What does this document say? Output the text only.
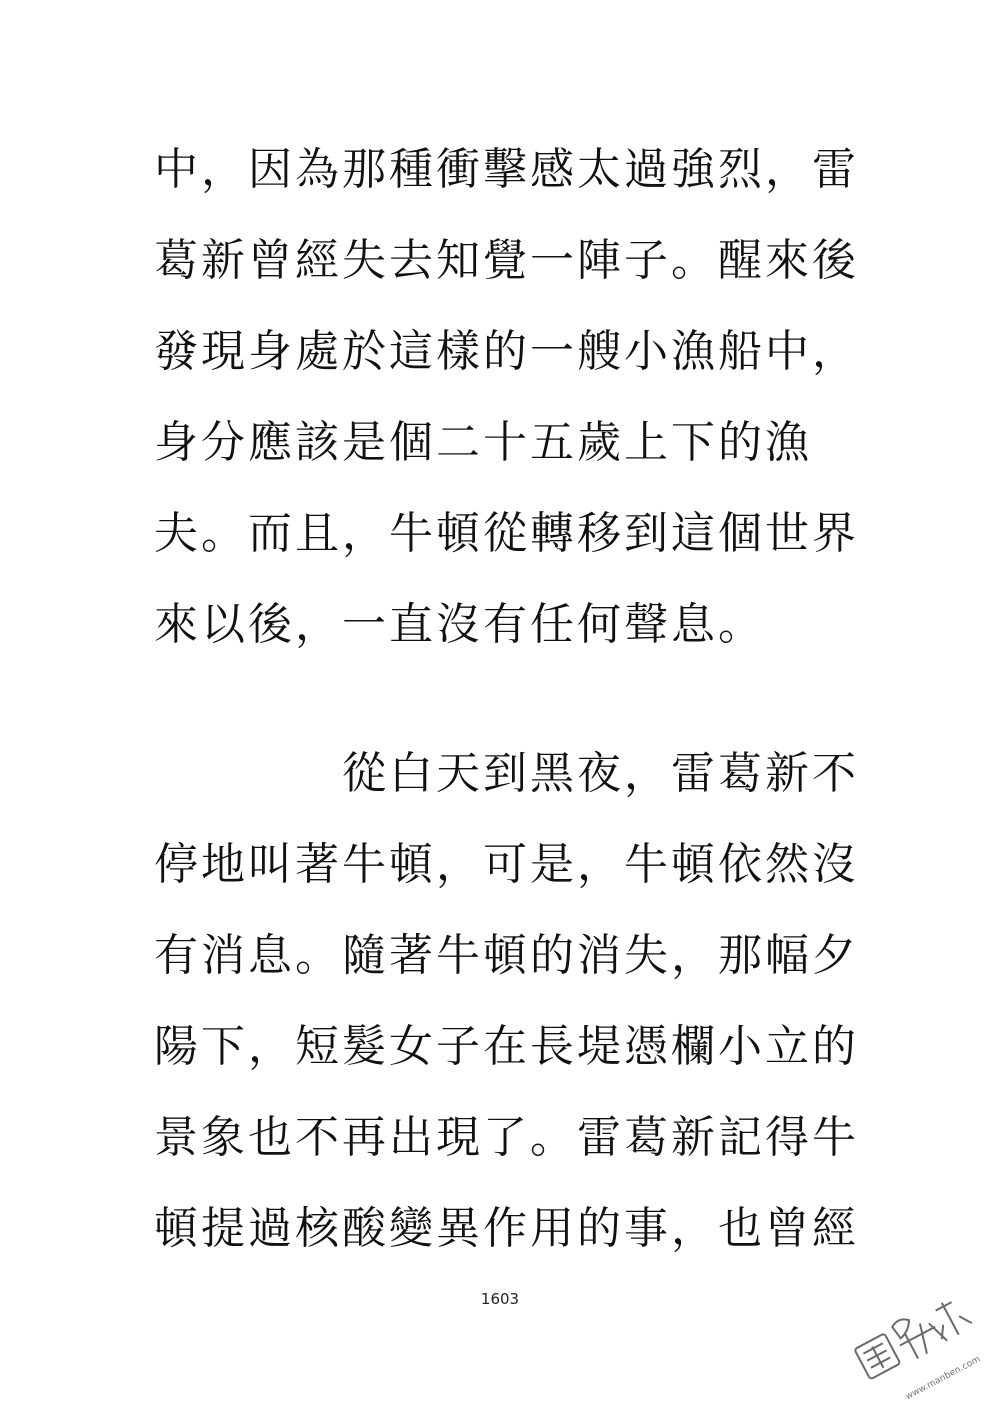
中，因為那種衝擊感太過強烈，雷
葛新曾經失去知覺一陣子。醒來後
發現身處於這樣的一艘小漁船中，
身分應該是個二十五歲上下的漁
夫。而且，牛頓從轉移到這個世界
來以後，一直沒有任何聲息。
從白天到黑夜，雷葛新不
停地叫著牛頓，可是，牛頓依然沒
有消息。隨著牛頓的消失，那幅夕
陽下，短髮女子在長堤憑欄小立的
景象也不再出現了。雷葛新記得牛
頓提過核酸變異作用的事，也曾經
1603
www.manben.com
